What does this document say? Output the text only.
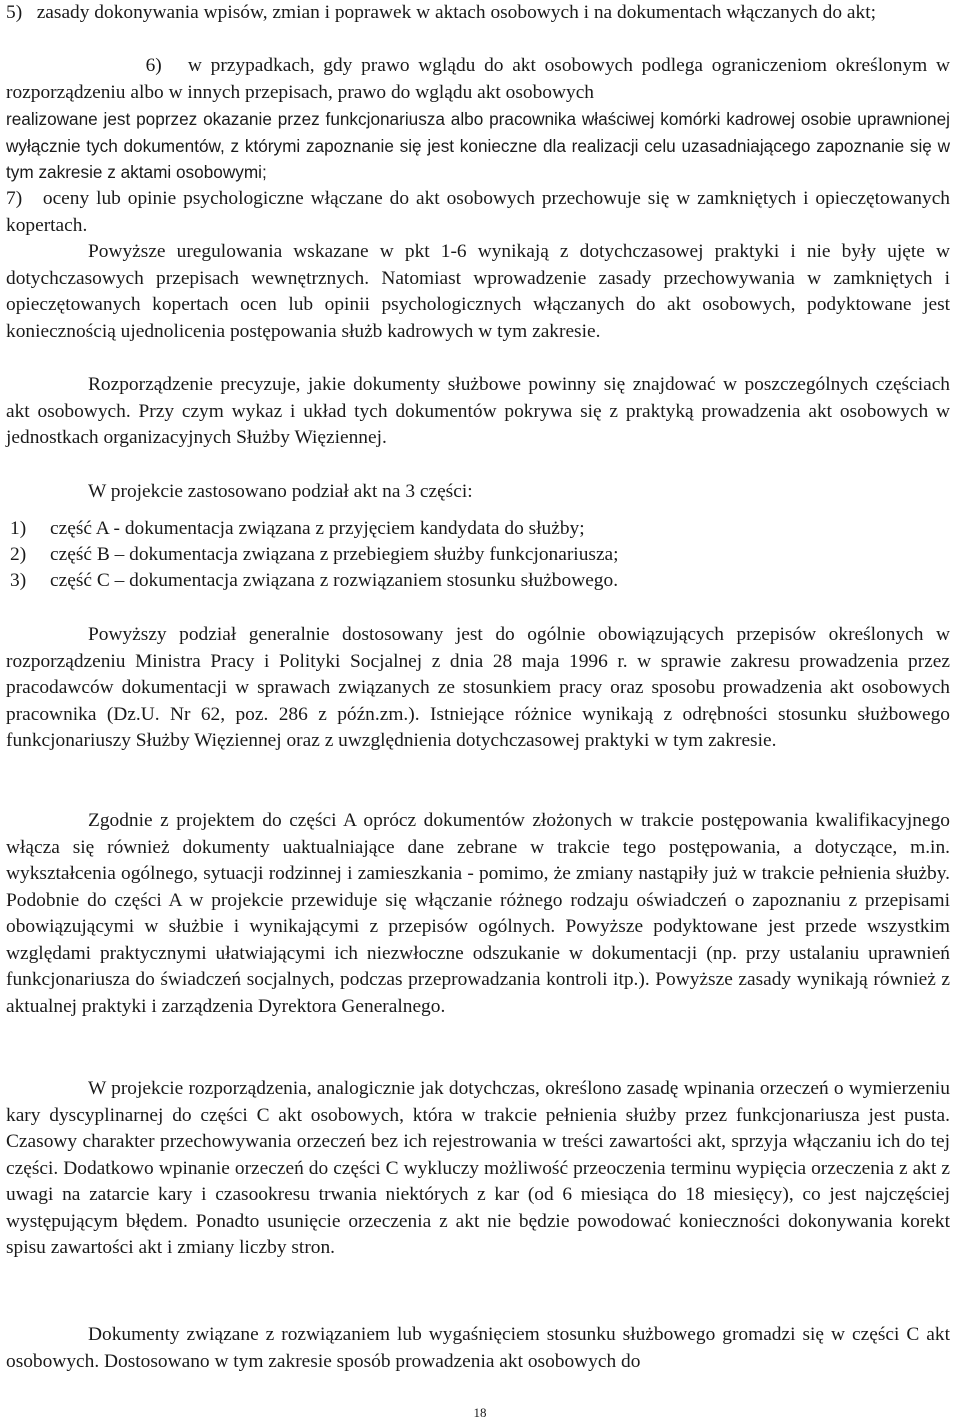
5)   zasady dokonywania wpisów, zmian i poprawek w aktach osobowych i na dokumentach włączanych do akt;

6)   w przypadkach, gdy prawo wglądu do akt osobowych podlega ograniczeniom określonym w rozporządzeniu albo w innych przepisach, prawo do wglądu akt osobowych

realizowane jest poprzez okazanie przez funkcjonariusza albo pracownika właściwej komórki kadrowej osobie uprawnionej wyłącznie tych dokumentów, z którymi zapoznanie się jest konieczne dla realizacji celu uzasadniającego zapoznanie się w tym zakresie z aktami osobowymi;

7)   oceny lub opinie psychologiczne włączane do akt osobowych przechowuje się w zamkniętych i opieczętowanych kopertach.

Powyższe uregulowania wskazane w pkt 1-6 wynikają z dotychczasowej praktyki i nie były ujęte w dotychczasowych przepisach wewnętrznych. Natomiast wprowadzenie zasady przechowywania w zamkniętych i opieczętowanych kopertach ocen lub opinii psychologicznych włączanych do akt osobowych, podyktowane jest koniecznością ujednolicenia postępowania służb kadrowych w tym zakresie.

Rozporządzenie precyzuje, jakie dokumenty służbowe powinny się znajdować w poszczególnych częściach akt osobowych. Przy czym wykaz i układ tych dokumentów pokrywa się z praktyką prowadzenia akt osobowych w jednostkach organizacyjnych Służby Więziennej.

W projekcie zastosowano podział akt na 3 części:

1) część A - dokumentacja związana z przyjęciem kandydata do służby;
2) część B – dokumentacja związana z przebiegiem służby funkcjonariusza;
3) część C – dokumentacja związana z rozwiązaniem stosunku służbowego.

Powyższy podział generalnie dostosowany jest do ogólnie obowiązujących przepisów określonych w rozporządzeniu Ministra Pracy i Polityki Socjalnej z dnia 28 maja 1996 r. w sprawie zakresu prowadzenia przez pracodawców dokumentacji w sprawach związanych ze stosunkiem pracy oraz sposobu prowadzenia akt osobowych pracownika (Dz.U. Nr 62, poz. 286 z późn.zm.). Istniejące różnice wynikają z odrębności stosunku służbowego funkcjonariuszy Służby Więziennej oraz z uwzględnienia dotychczasowej praktyki w tym zakresie.

Zgodnie z projektem do części A oprócz dokumentów złożonych w trakcie postępowania kwalifikacyjnego włącza się również dokumenty uaktualniające dane zebrane w trakcie tego postępowania, a dotyczące, m.in. wykształcenia ogólnego, sytuacji rodzinnej i zamieszkania - pomimo, że zmiany nastąpiły już w trakcie pełnienia służby. Podobnie do części A w projekcie przewiduje się włączanie różnego rodzaju oświadczeń o zapoznaniu z przepisami obowiązującymi w służbie i wynikającymi z przepisów ogólnych. Powyższe podyktowane jest przede wszystkim względami praktycznymi ułatwiającymi ich niezwłoczne odszukanie w dokumentacji (np. przy ustalaniu uprawnień funkcjonariusza do świadczeń socjalnych, podczas przeprowadzania kontroli itp.). Powyższe zasady wynikają również z aktualnej praktyki i zarządzenia Dyrektora Generalnego.

W projekcie rozporządzenia, analogicznie jak dotychczas, określono zasadę wpinania orzeczeń o wymierzeniu kary dyscyplinarnej do części C akt osobowych, która w trakcie pełnienia służby przez funkcjonariusza jest pusta. Czasowy charakter przechowywania orzeczeń bez ich rejestrowania w treści zawartości akt, sprzyja włączaniu ich do tej części. Dodatkowo wpinanie orzeczeń do części C wykluczy możliwość przeoczenia terminu wypięcia orzeczenia z akt z uwagi na zatarcie kary i czasookresu trwania niektórych z kar (od 6 miesiąca do 18 miesięcy), co jest najczęściej występującym błędem. Ponadto usunięcie orzeczenia z akt nie będzie powodować konieczności dokonywania korekt spisu zawartości akt i zmiany liczby stron.

Dokumenty związane z rozwiązaniem lub wygaśnięciem stosunku służbowego gromadzi się w części C akt osobowych. Dostosowano w tym zakresie sposób prowadzenia akt osobowych do

18
